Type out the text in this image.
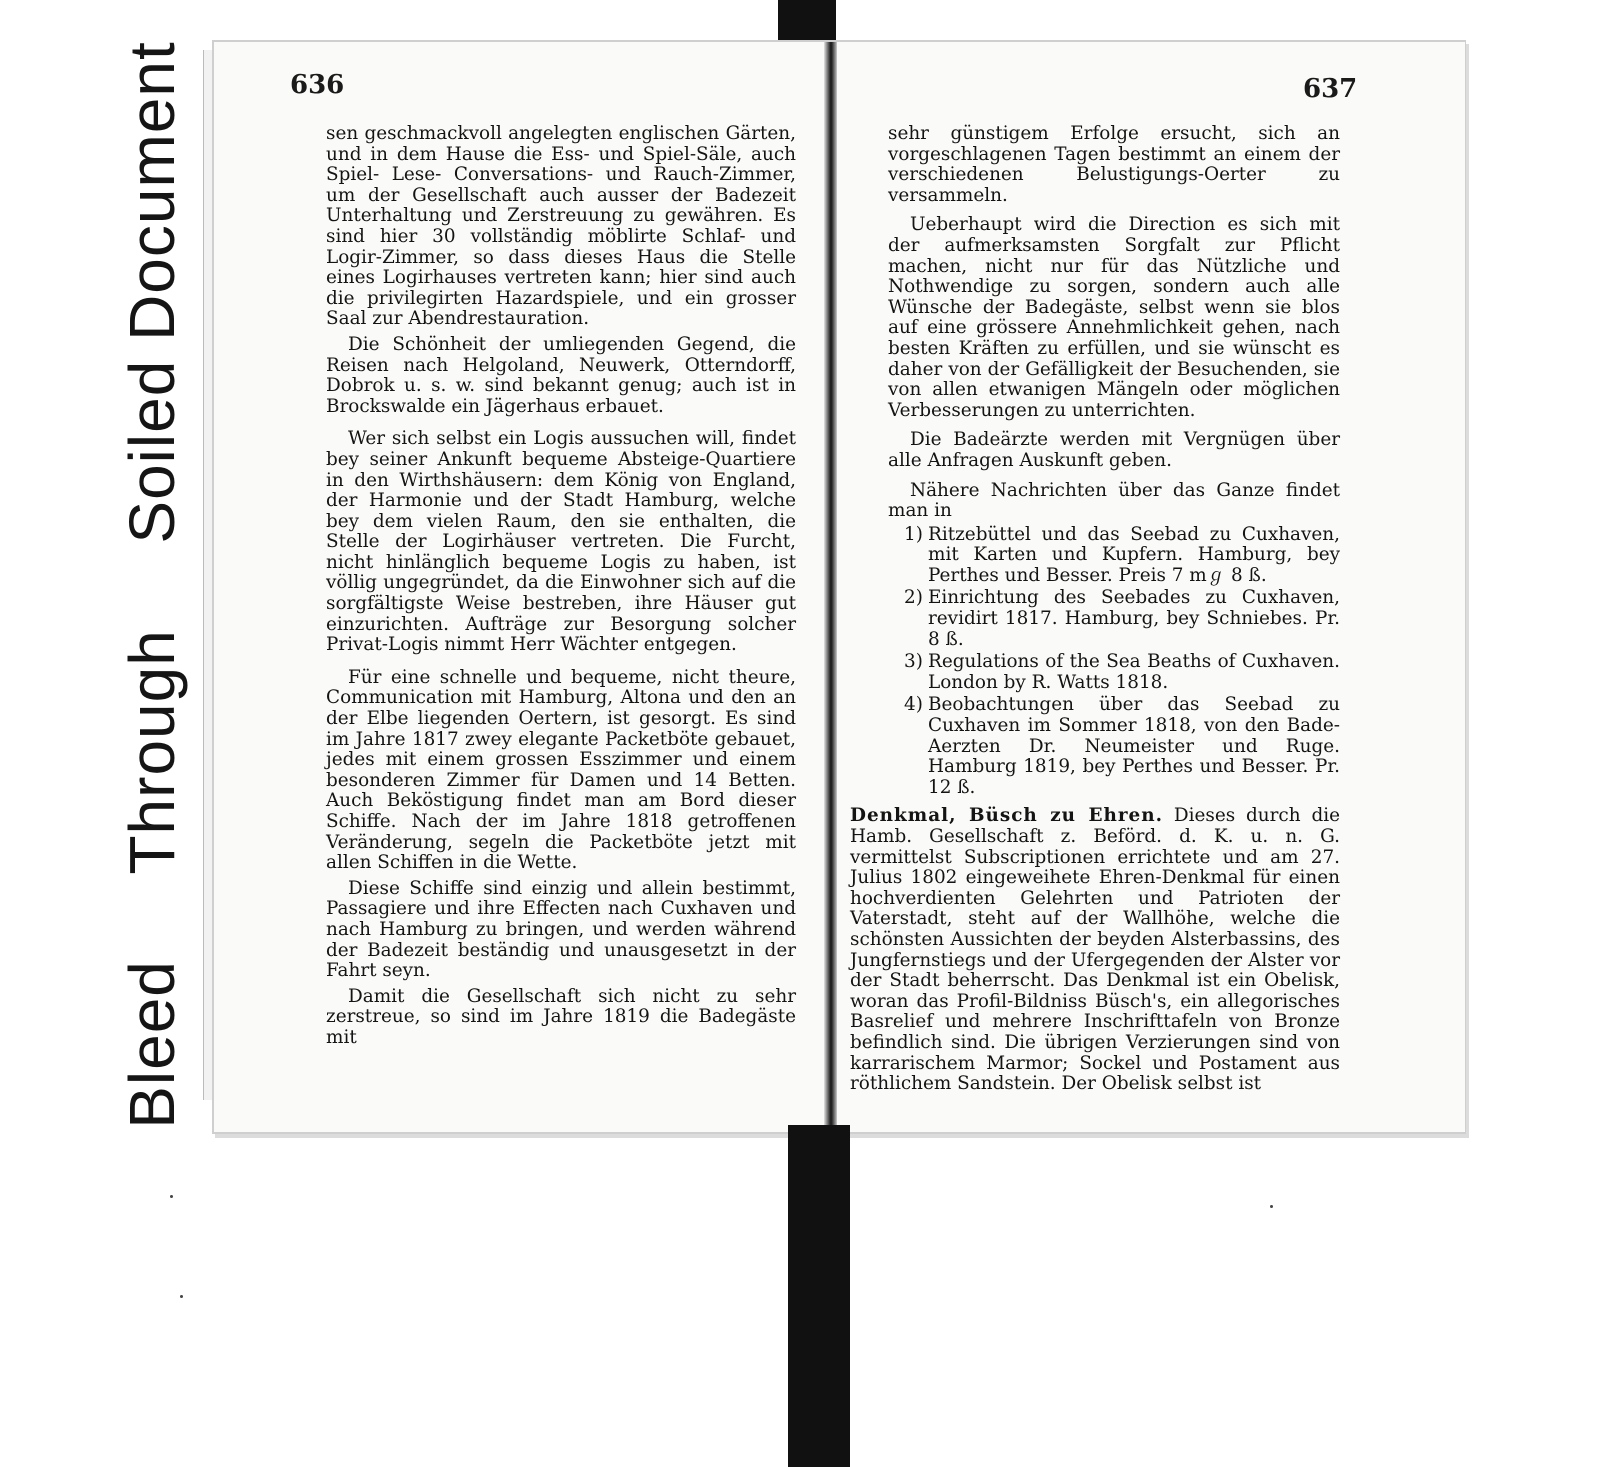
Bleed  Through  Soiled Document	636

sen geschmackvoll angelegten englischen Gärten, und in dem Hause die Ess- und Spiel-Säle, auch Spiel- Lese- Conversations- und Rauch-Zimmer, um der Gesellschaft auch ausser der Badezeit Unterhaltung und Zerstreuung zu gewähren. Es sind hier 30 vollständig möblirte Schlaf- und Logir-Zimmer, so dass dieses Haus die Stelle eines Logirhauses vertreten kann; hier sind auch die privilegirten Hazardspiele, und ein grosser Saal zur Abendrestauration.

Die Schönheit der umliegenden Gegend, die Reisen nach Helgoland, Neuwerk, Otterndorff, Dobrok u. s. w. sind bekannt genug; auch ist in Brockswalde ein Jägerhaus erbauet.

Wer sich selbst ein Logis aussuchen will, findet bey seiner Ankunft bequeme Absteige-Quartiere in den Wirthshäusern: dem König von England, der Harmonie und der Stadt Hamburg, welche bey dem vielen Raum, den sie enthalten, die Stelle der Logirhäuser vertreten. Die Furcht, nicht hinlänglich bequeme Logis zu haben, ist völlig ungegründet, da die Einwohner sich auf die sorgfältigste Weise bestreben, ihre Häuser gut einzurichten. Aufträge zur Besorgung solcher Privat-Logis nimmt Herr Wächter entgegen.

Für eine schnelle und bequeme, nicht theure, Communication mit Hamburg, Altona und den an der Elbe liegenden Oertern, ist gesorgt. Es sind im Jahre 1817 zwey elegante Packetböte gebauet, jedes mit einem grossen Esszimmer und einem besonderen Zimmer für Damen und 14 Betten. Auch Beköstigung findet man am Bord dieser Schiffe. Nach der im Jahre 1818 getroffenen Veränderung, segeln die Packetböte jetzt mit allen Schiffen in die Wette.

Diese Schiffe sind einzig und allein bestimmt, Passagiere und ihre Effecten nach Cuxhaven und nach Hamburg zu bringen, und werden während der Badezeit beständig und unausgesetzt in der Fahrt seyn.

Damit die Gesellschaft sich nicht zu sehr zerstreue, so sind im Jahre 1819 die Badegäste mit

637

sehr günstigem Erfolge ersucht, sich an vorgeschlagenen Tagen bestimmt an einem der verschiedenen Belustigungs-Oerter zu versammeln.

Ueberhaupt wird die Direction es sich mit der aufmerksamsten Sorgfalt zur Pflicht machen, nicht nur für das Nützliche und Nothwendige zu sorgen, sondern auch alle Wünsche der Badegäste, selbst wenn sie blos auf eine grössere Annehmlichkeit gehen, nach besten Kräften zu erfüllen, und sie wünscht es daher von der Gefälligkeit der Besuchenden, sie von allen etwanigen Mängeln oder möglichen Verbesserungen zu unterrichten.

Die Badeärzte werden mit Vergnügen über alle Anfragen Auskunft geben.

Nähere Nachrichten über das Ganze findet man in

1) Ritzebüttel und das Seebad zu Cuxhaven, mit Karten und Kupfern. Hamburg, bey Perthes und Besser. Preis 7 mℊ 8 ß.
2) Einrichtung des Seebades zu Cuxhaven, revidirt 1817. Hamburg, bey Schniebes. Pr. 8 ß.
3) Regulations of the Sea Beaths of Cuxhaven. London by R. Watts 1818.
4) Beobachtungen über das Seebad zu Cuxhaven im Sommer 1818, von den Bade-Aerzten Dr. Neumeister und Ruge. Hamburg 1819, bey Perthes und Besser. Pr. 12 ß.

Denkmal, Büsch zu Ehren. Dieses durch die Hamb. Gesellschaft z. Beförd. d. K. u. n. G. vermittelst Subscriptionen errichtete und am 27. Julius 1802 eingeweihete Ehren-Denkmal für einen hochverdienten Gelehrten und Patrioten der Vaterstadt, steht auf der Wallhöhe, welche die schönsten Aussichten der beyden Alsterbassins, des Jungfernstiegs und der Ufergegenden der Alster vor der Stadt beherrscht. Das Denkmal ist ein Obelisk, woran das Profil-Bildniss Büsch's, ein allegorisches Basrelief und mehrere Inschrifttafeln von Bronze befindlich sind. Die übrigen Verzierungen sind von karrarischem Marmor; Sockel und Postament aus röthlichem Sandstein. Der Obelisk selbst ist
